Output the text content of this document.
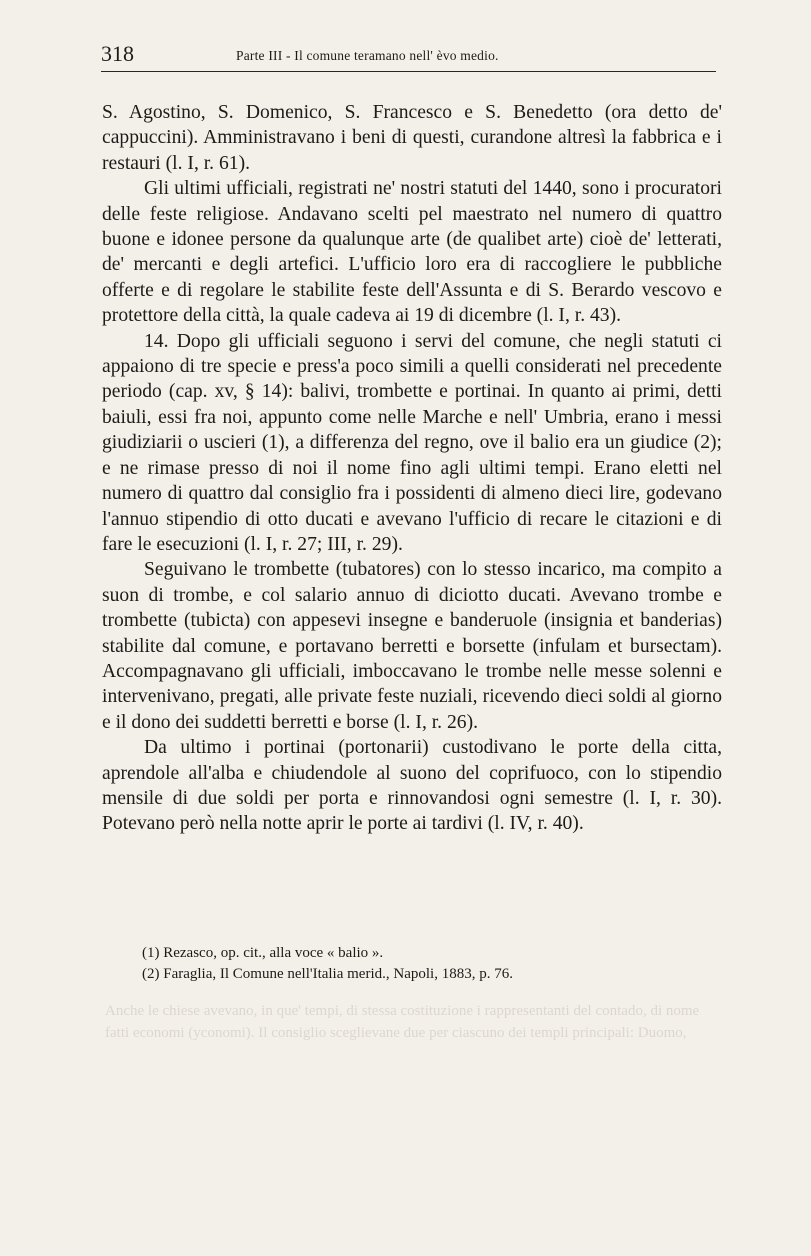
318	Parte III - Il comune teramano nell' èvo medio.

S. Agostino, S. Domenico, S. Francesco e S. Benedetto (ora detto de' cappuccini). Amministravano i beni di questi, curandone altresì la fabbrica e i restauri (l. I, r. 61).

Gli ultimi ufficiali, registrati ne' nostri statuti del 1440, sono i procuratori delle feste religiose. Andavano scelti pel maestrato nel numero di quattro buone e idonee persone da qualunque arte (de qualibet arte) cioè de' letterati, de' mercanti e degli artefici. L'ufficio loro era di raccogliere le pubbliche offerte e di regolare le stabilite feste dell'Assunta e di S. Berardo vescovo e protettore della città, la quale cadeva ai 19 di dicembre (l. I, r. 43).

14. Dopo gli ufficiali seguono i servi del comune, che negli statuti ci appaiono di tre specie e press'a poco simili a quelli considerati nel precedente periodo (cap. xv, § 14): balivi, trombette e portinai. In quanto ai primi, detti baiuli, essi fra noi, appunto come nelle Marche e nell' Umbria, erano i messi giudiziarii o uscieri (1), a differenza del regno, ove il balio era un giudice (2); e ne rimase presso di noi il nome fino agli ultimi tempi. Erano eletti nel numero di quattro dal consiglio fra i possidenti di almeno dieci lire, godevano l'annuo stipendio di otto ducati e avevano l'ufficio di recare le citazioni e di fare le esecuzioni (l. I, r. 27; III, r. 29).

Seguivano le trombette (tubatores) con lo stesso incarico, ma compito a suon di trombe, e col salario annuo di diciotto ducati. Avevano trombe e trombette (tubicta) con appesevi insegne e banderuole (insignia et banderias) stabilite dal comune, e portavano berretti e borsette (infulam et bursectam). Accompagnavano gli ufficiali, imboccavano le trombe nelle messe solenni e intervenivano, pregati, alle private feste nuziali, ricevendo dieci soldi al giorno e il dono dei suddetti berretti e borse (l. I, r. 26).

Da ultimo i portinai (portonarii) custodivano le porte della citta, aprendole all'alba e chiudendole al suono del coprifuoco, con lo stipendio mensile di due soldi per porta e rinnovandosi ogni semestre (l. I, r. 30). Potevano però nella notte aprir le porte ai tardivi (l. IV, r. 40).

(1) Rezasco, op. cit., alla voce « balio ».

(2) Faraglia, Il Comune nell'Italia merid., Napoli, 1883, p. 76.

Anche le chiese avevano, in que' tempi, di stessa costituzione i rappresentanti del contado, di nome fatti economi (yconomi). Il consiglio sceglievane due per ciascuno dei templi principali: Duomo,
